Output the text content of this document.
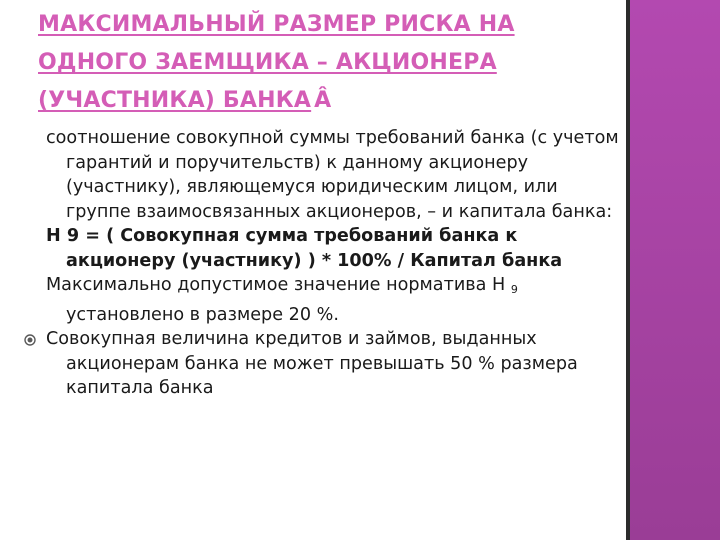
МАКСИМАЛЬНЫЙ РАЗМЕР РИСКА НА
ОДНОГО ЗАЕМЩИКА – АКЦИОНЕРА
(УЧАСТНИКА) БАНКА Â

соотношение совокупной суммы требований банка (с учетом гарантий и поручительств) к данному акционеру (участнику), являющемуся юридическим лицом, или группе взаимосвязанных акционеров, – и капитала банка:

Н 9 = ( Совокупная сумма требований банка к акционеру (участнику) ) * 100% / Капитал банка

Максимально допустимое значение норматива Н $_9$ установлено в размере 20 %.

Совокупная величина кредитов и займов, выданных акционерам банка не может превышать 50 % размера капитала банка
